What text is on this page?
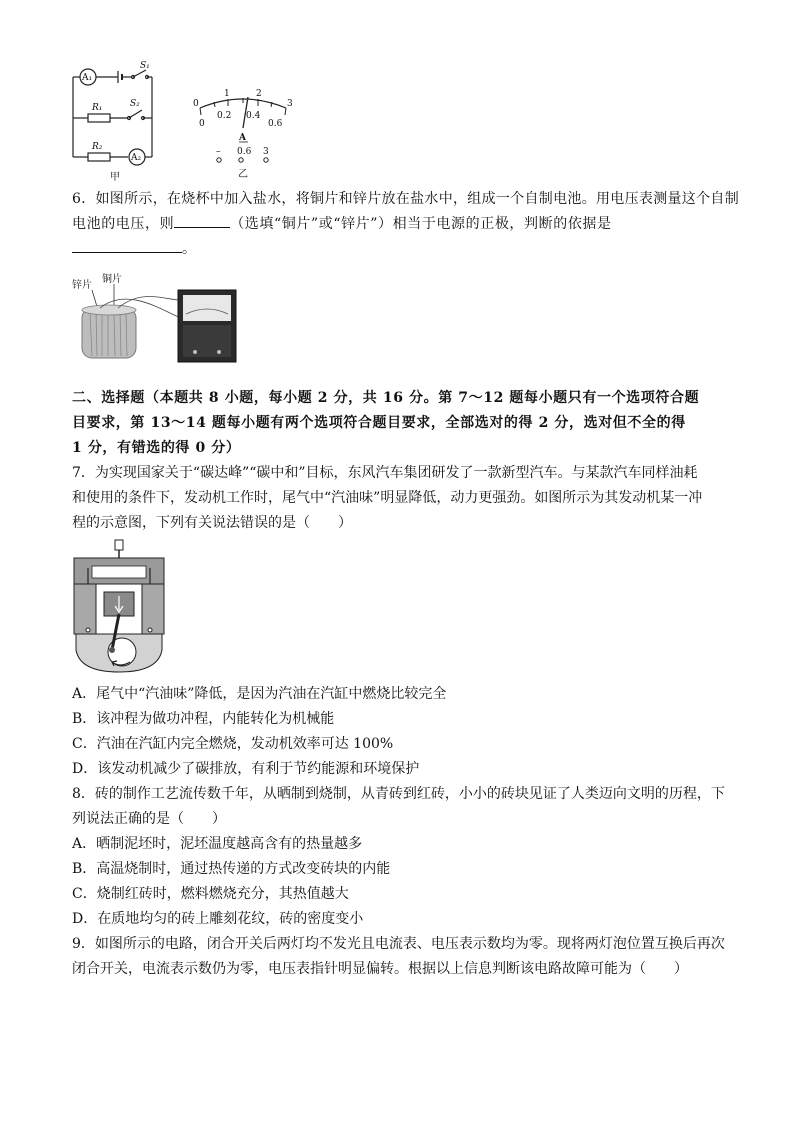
A₁
S₁
R₁	S₂
R₂
A₂
甲
0
1	2
3
0
0.2 0.4
0.6
A
– 0.6 3
乙
6．如图所示，在烧杯中加入盐水，将铜片和锌片放在盐水中，组成一个自制电池。用电压表测量这个自制
电池的电压，则	（选填“铜片”或“锌片”）相当于电源的正极，判断的依据是
。
锌片
铜片
二、选择题（本题共 8 小题，每小题 2 分，共 16 分。第 7～12 题每小题只有一个选项符合题
目要求，第 13～14 题每小题有两个选项符合题目要求，全部选对的得 2 分，选对但不全的得
1 分，有错选的得 0 分）
7．为实现国家关于“碳达峰”“碳中和”目标，东风汽车集团研发了一款新型汽车。与某款汽车同样油耗
和使用的条件下，发动机工作时，尾气中“汽油味”明显降低，动力更强劲。如图所示为其发动机某一冲
程的示意图，下列有关说法错误的是（　　）
A．尾气中“汽油味”降低，是因为汽油在汽缸中燃烧比较完全
B．该冲程为做功冲程，内能转化为机械能
C．汽油在汽缸内完全燃烧，发动机效率可达 100%
D．该发动机减少了碳排放，有利于节约能源和环境保护
8．砖的制作工艺流传数千年，从晒制到烧制，从青砖到红砖，小小的砖块见证了人类迈向文明的历程，下
列说法正确的是（　　）
A．晒制泥坯时，泥坯温度越高含有的热量越多
B．高温烧制时，通过热传递的方式改变砖块的内能
C．烧制红砖时，燃料燃烧充分，其热值越大
D．在质地均匀的砖上雕刻花纹，砖的密度变小
9．如图所示的电路，闭合开关后两灯均不发光且电流表、电压表示数均为零。现将两灯泡位置互换后再次
闭合开关，电流表示数仍为零，电压表指针明显偏转。根据以上信息判断该电路故障可能为（　　）
